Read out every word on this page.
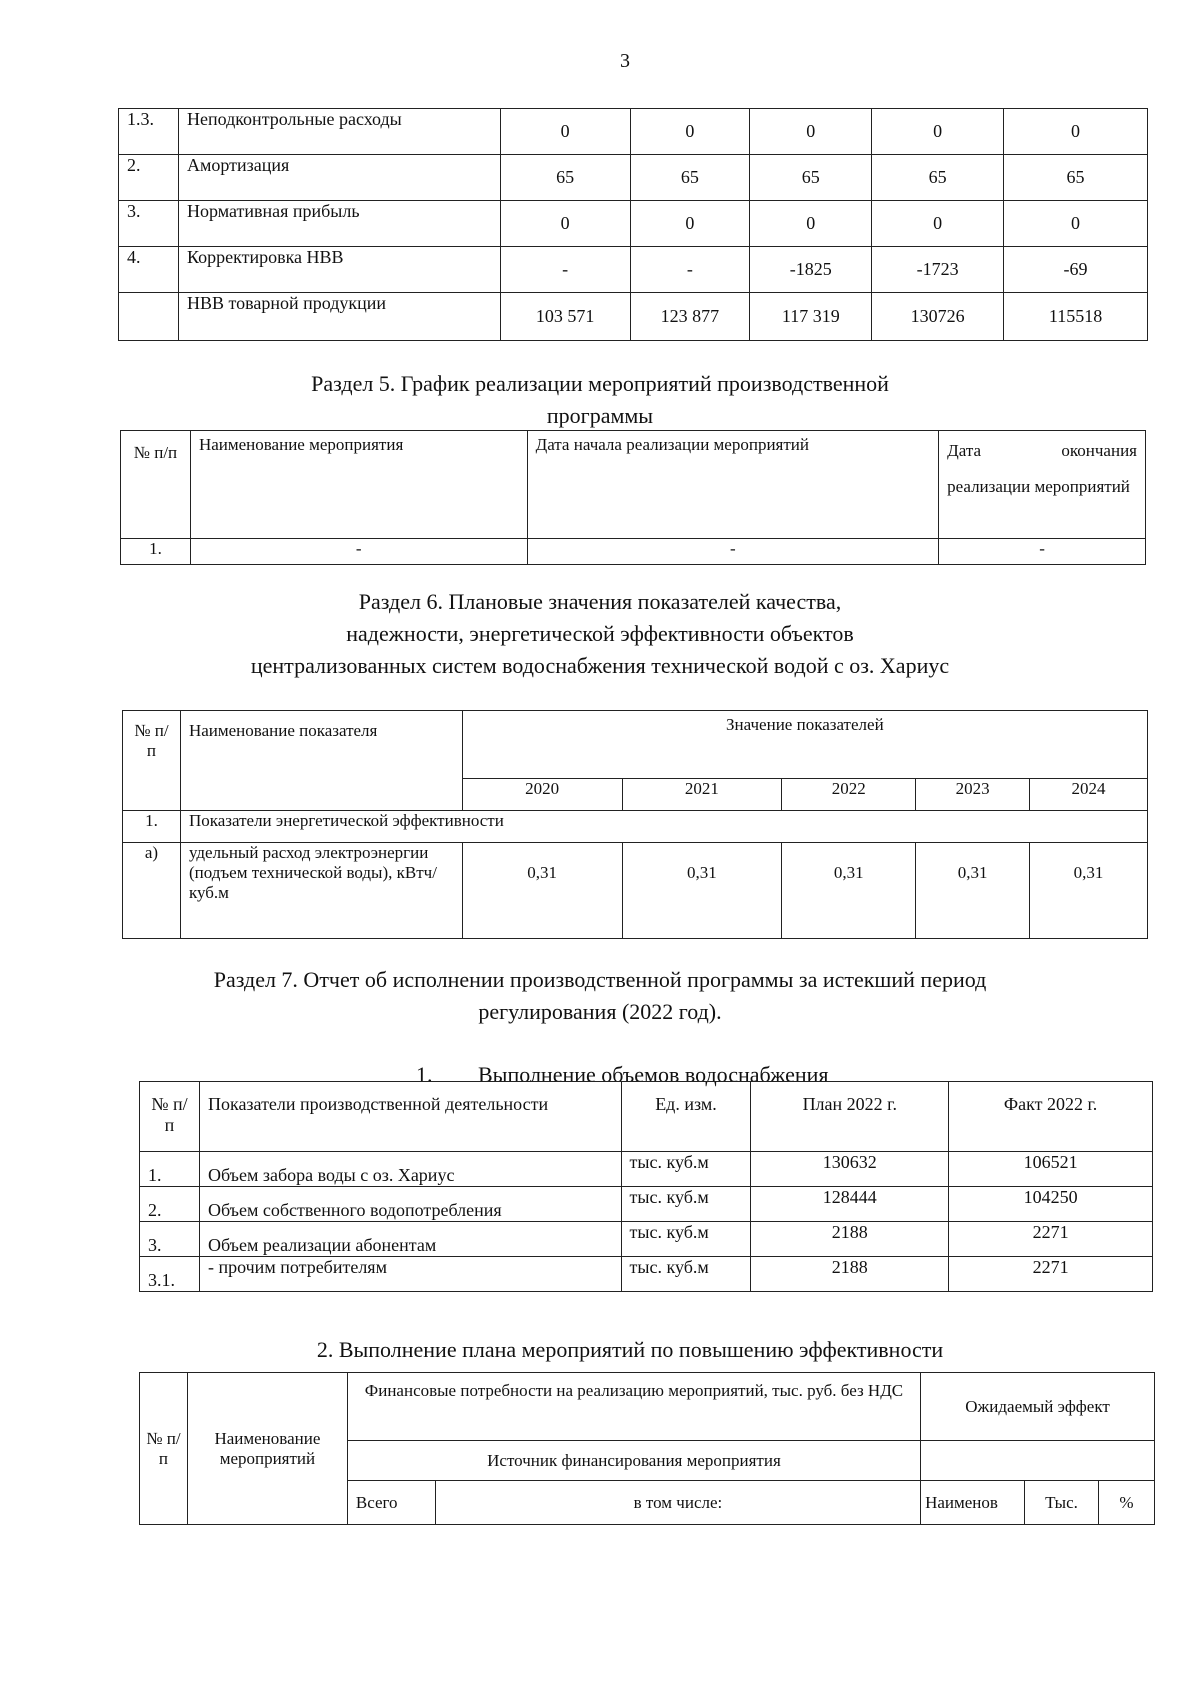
3
1.3.	Неподконтрольные расходы	0	0	0	0	0
2.	Амортизация	65	65	65	65	65
3.	Нормативная прибыль	0	0	0	0	0
4.	Корректировка НВВ	-	-	-1825	-1723	-69
	НВВ товарной продукции	103 571	123 877	117 319	130726	115518
Раздел 5. График реализации мероприятий производственной
программы
№ п/п	Наименование мероприятия	Дата начала реализации мероприятий	Дата окончания реализации мероприятий
1.	-	-	-
Раздел 6. Плановые значения показателей качества,
надежности, энергетической эффективности объектов
централизованных систем водоснабжения технической водой с оз. Хариус
№ п/п	Наименование показателя	Значение показателей				
		2020	2021	2022	2023	2024
1.	Показатели энергетической эффективности					
а)	удельный расход электроэнергии (подъем технической воды), кВтч/куб.м	0,31	0,31	0,31	0,31	0,31
Раздел 7. Отчет об исполнении производственной программы за истекший период
регулирования (2022 год).
1. Выполнение объемов водоснабжения
№ п/п	Показатели производственной деятельности	Ед. изм.	План 2022 г.	Факт 2022 г.
1.	Объем забора воды с оз. Хариус	тыс. куб.м	130632	106521
2.	Объем собственного водопотребления	тыс. куб.м	128444	104250
3.	Объем реализации абонентам	тыс. куб.м	2188	2271
3.1.	- прочим потребителям	тыс. куб.м	2188	2271
2. Выполнение плана мероприятий по повышению эффективности
№ п/п	Наименование мероприятий	Финансовые потребности на реализацию мероприятий, тыс. руб. без НДС		Ожидаемый эффект		
		Источник финансирования мероприятия				
		Всего	в том числе:	Наименов	Тыс.	%
